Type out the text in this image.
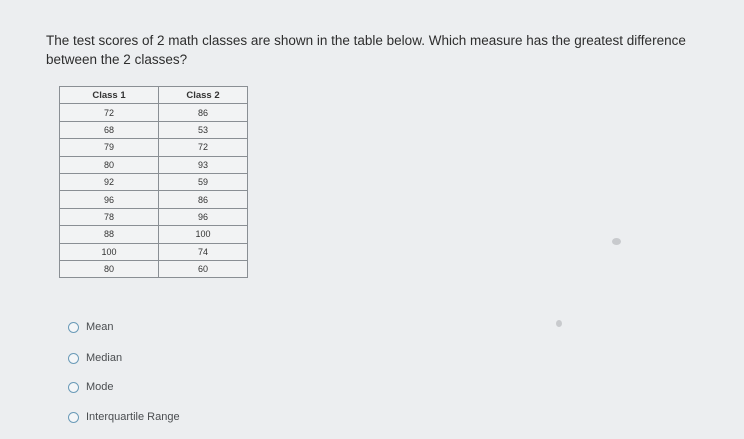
The test scores of 2 math classes are shown in the table below. Which measure has the greatest difference

between the 2 classes?

Class 1	Class 2
72	86
68	53
79	72
80	93
92	59
96	86
78	96
88	100
100	74
80	60
Mean
Median
Mode
Interquartile Range
